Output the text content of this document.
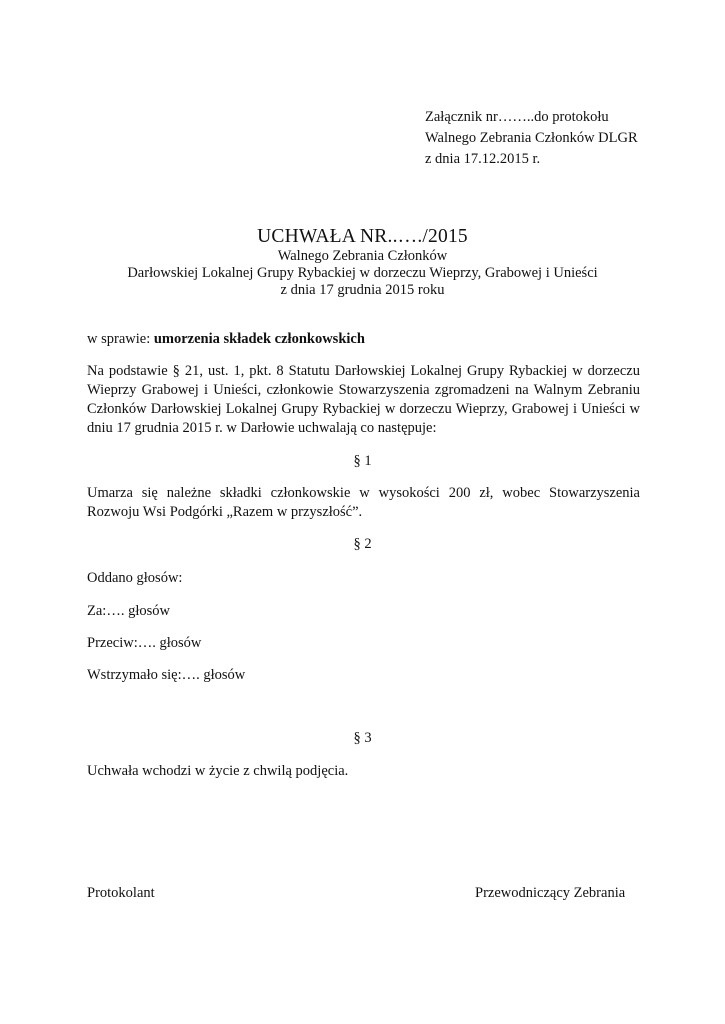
Załącznik nr……..do protokołu
Walnego Zebrania Członków DLGR
z dnia 17.12.2015 r.
UCHWAŁA NR..…./2015
Walnego Zebrania Członków
Darłowskiej Lokalnej Grupy Rybackiej w dorzeczu Wieprzy, Grabowej i Unieści
z dnia 17 grudnia 2015 roku
w sprawie: umorzenia składek członkowskich
Na podstawie § 21, ust. 1, pkt. 8 Statutu Darłowskiej Lokalnej Grupy Rybackiej w dorzeczu Wieprzy Grabowej i Unieści, członkowie Stowarzyszenia zgromadzeni na Walnym Zebraniu Członków Darłowskiej Lokalnej Grupy Rybackiej w dorzeczu Wieprzy, Grabowej i Unieści w dniu 17 grudnia 2015 r. w Darłowie uchwalają co następuje:
§ 1
Umarza się należne składki członkowskie w wysokości 200 zł, wobec Stowarzyszenia Rozwoju Wsi Podgórki „Razem w przyszłość”.
§ 2
Oddano głosów:
Za:…. głosów
Przeciw:…. głosów
Wstrzymało się:…. głosów
§ 3
Uchwała wchodzi w życie z chwilą podjęcia.
Protokolant	Przewodniczący Zebrania
